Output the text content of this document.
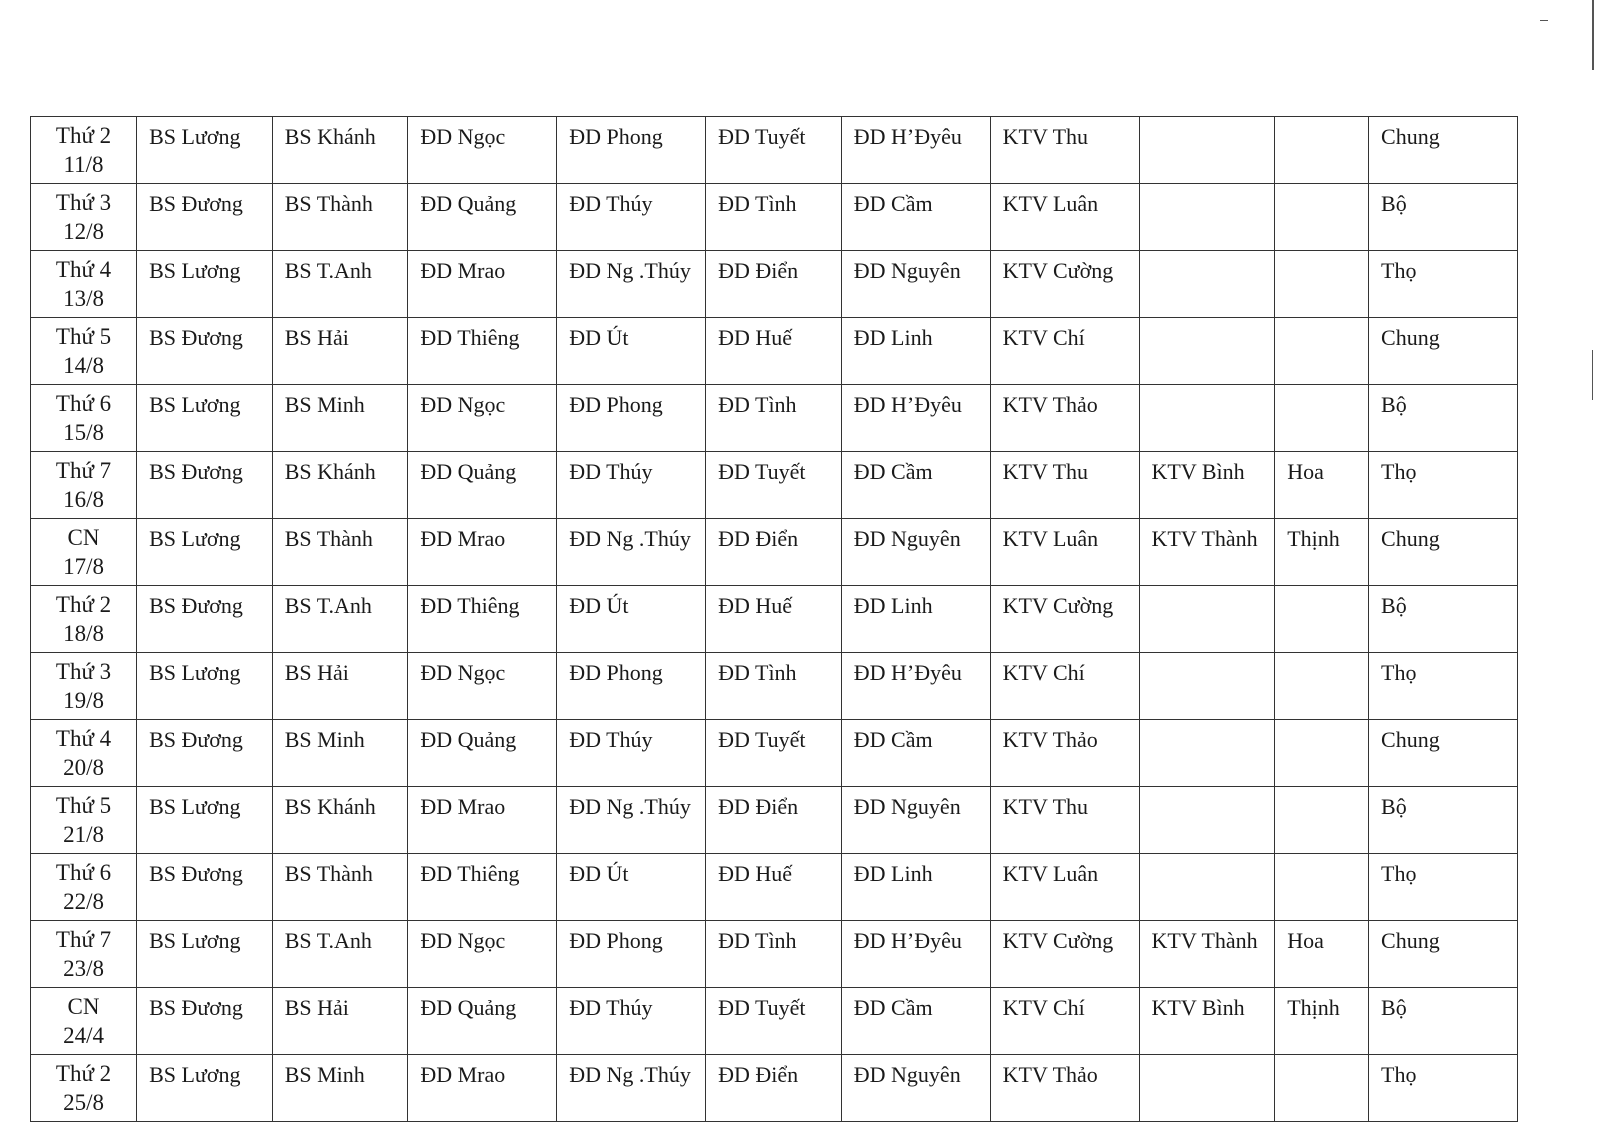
Thứ 2
11/8	BS Lương	BS Khánh	ĐD Ngọc	ĐD Phong	ĐD Tuyết	ĐD H’Đyêu	KTV Thu			Chung

Thứ 3
12/8	BS Đương	BS Thành	ĐD Quảng	ĐD Thúy	ĐD Tình	ĐD Cầm	KTV Luân			Bộ

Thứ 4
13/8	BS Lương	BS T.Anh	ĐD Mrao	ĐD Ng .Thúy	ĐD Điển	ĐD Nguyên	KTV Cường			Thọ

Thứ 5
14/8	BS Đương	BS Hải	ĐD Thiêng	ĐD Út	ĐD Huế	ĐD Linh	KTV Chí			Chung

Thứ 6
15/8	BS Lương	BS Minh	ĐD Ngọc	ĐD Phong	ĐD Tình	ĐD H’Đyêu	KTV Thảo			Bộ

Thứ 7
16/8	BS Đương	BS Khánh	ĐD Quảng	ĐD Thúy	ĐD Tuyết	ĐD Cầm	KTV Thu	KTV Bình	Hoa	Thọ

CN
17/8	BS Lương	BS Thành	ĐD Mrao	ĐD Ng .Thúy	ĐD Điển	ĐD Nguyên	KTV Luân	KTV Thành	Thịnh	Chung

Thứ 2
18/8	BS Đương	BS T.Anh	ĐD Thiêng	ĐD Út	ĐD Huế	ĐD Linh	KTV Cường			Bộ

Thứ 3
19/8	BS Lương	BS Hải	ĐD Ngọc	ĐD Phong	ĐD Tình	ĐD H’Đyêu	KTV Chí			Thọ

Thứ 4
20/8	BS Đương	BS Minh	ĐD Quảng	ĐD Thúy	ĐD Tuyết	ĐD Cầm	KTV Thảo			Chung

Thứ 5
21/8	BS Lương	BS Khánh	ĐD Mrao	ĐD Ng .Thúy	ĐD Điển	ĐD Nguyên	KTV Thu			Bộ

Thứ 6
22/8	BS Đương	BS Thành	ĐD Thiêng	ĐD Út	ĐD Huế	ĐD Linh	KTV Luân			Thọ

Thứ 7
23/8	BS Lương	BS T.Anh	ĐD Ngọc	ĐD Phong	ĐD Tình	ĐD H’Đyêu	KTV Cường	KTV Thành	Hoa	Chung

CN
24/4	BS Đương	BS Hải	ĐD Quảng	ĐD Thúy	ĐD Tuyết	ĐD Cầm	KTV Chí	KTV Bình	Thịnh	Bộ

Thứ 2
25/8	BS Lương	BS Minh	ĐD Mrao	ĐD Ng .Thúy	ĐD Điển	ĐD Nguyên	KTV Thảo			Thọ
